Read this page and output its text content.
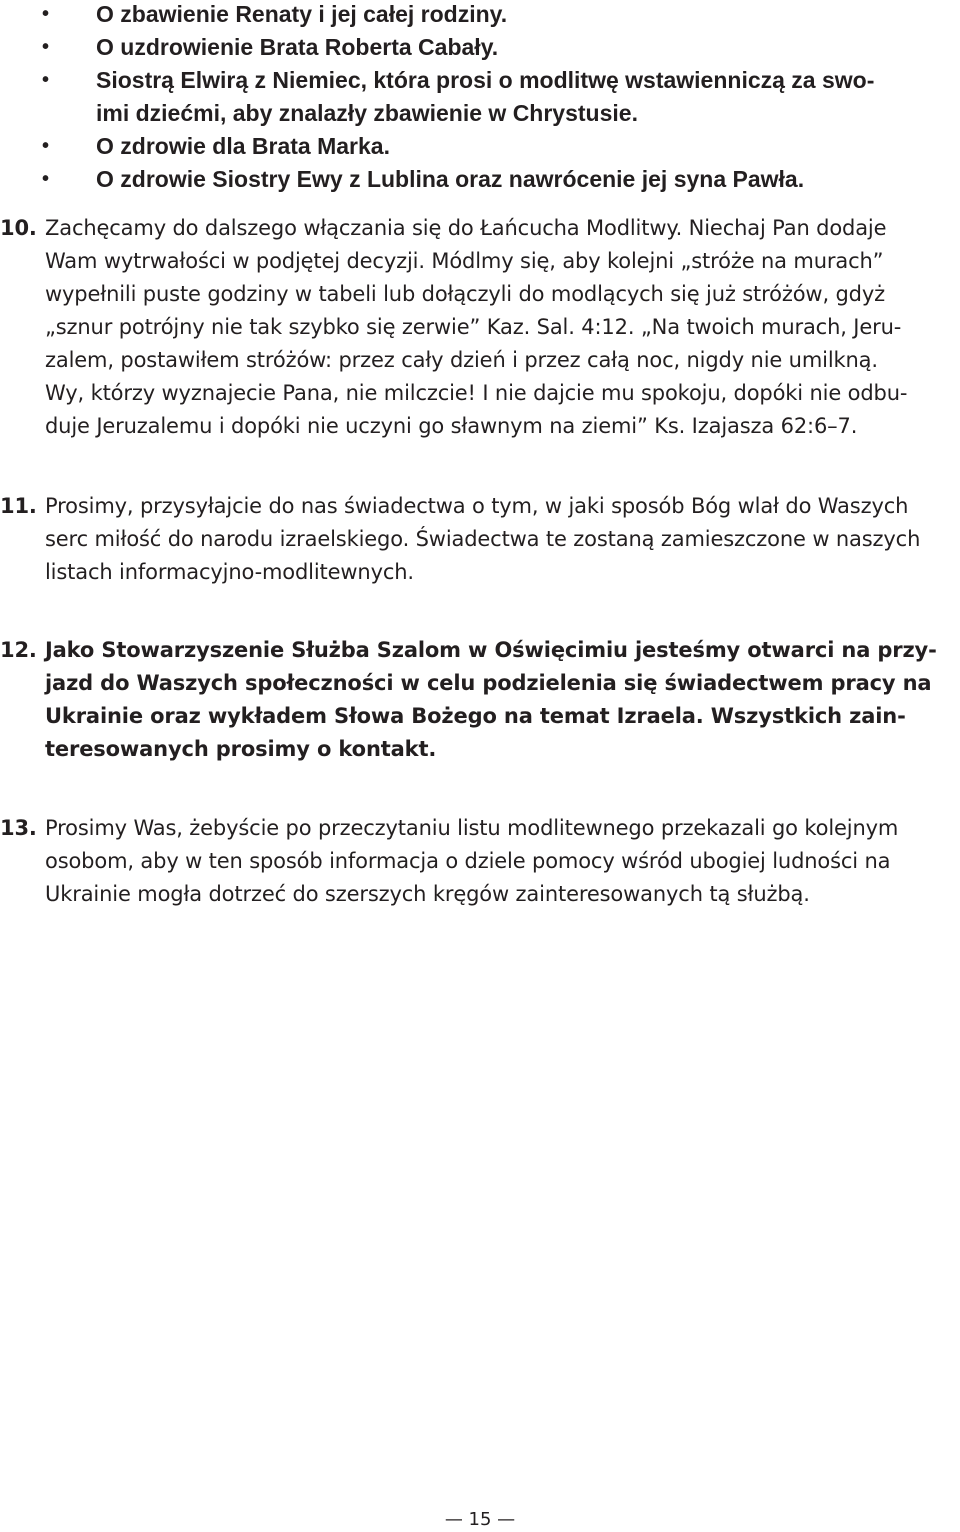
• O zbawienie Renaty i jej całej rodziny.
• O uzdrowienie Brata Roberta Cabały.
• Siostrą Elwirą z Niemiec, która prosi o modlitwę wstawienniczą za swo-
imi dziećmi, aby znalazły zbawienie w Chrystusie.
• O zdrowie dla Brata Marka.
• O zdrowie Siostry Ewy z Lublina oraz nawrócenie jej syna Pawła.
10. Zachęcamy do dalszego włączania się do Łańcucha Modlitwy. Niechaj Pan dodaje
Wam wytrwałości w podjętej decyzji. Módlmy się, aby kolejni „stróże na murach”
wypełnili puste godziny w tabeli lub dołączyli do modlących się już stróżów, gdyż
„sznur potrójny nie tak szybko się zerwie” Kaz. Sal. 4:12. „Na twoich murach, Jeru-
zalem, postawiłem stróżów: przez cały dzień i przez całą noc, nigdy nie umilkną.
Wy, którzy wyznajecie Pana, nie milczcie! I nie dajcie mu spokoju, dopóki nie odbu-
duje Jeruzalemu i dopóki nie uczyni go sławnym na ziemi” Ks. Izajasza 62:6–7.
11. Prosimy, przysyłajcie do nas świadectwa o tym, w jaki sposób Bóg wlał do Waszych
serc miłość do narodu izraelskiego. Świadectwa te zostaną zamieszczone w naszych
listach informacyjno-modlitewnych.
12. Jako Stowarzyszenie Służba Szalom w Oświęcimiu jesteśmy otwarci na przy-
jazd do Waszych społeczności w celu podzielenia się świadectwem pracy na
Ukrainie oraz wykładem Słowa Bożego na temat Izraela. Wszystkich zain-
teresowanych prosimy o kontakt.
13. Prosimy Was, żebyście po przeczytaniu listu modlitewnego przekazali go kolejnym
osobom, aby w ten sposób informacja o dziele pomocy wśród ubogiej ludności na
Ukrainie mogła dotrzeć do szerszych kręgów zainteresowanych tą służbą.
— 15 —
